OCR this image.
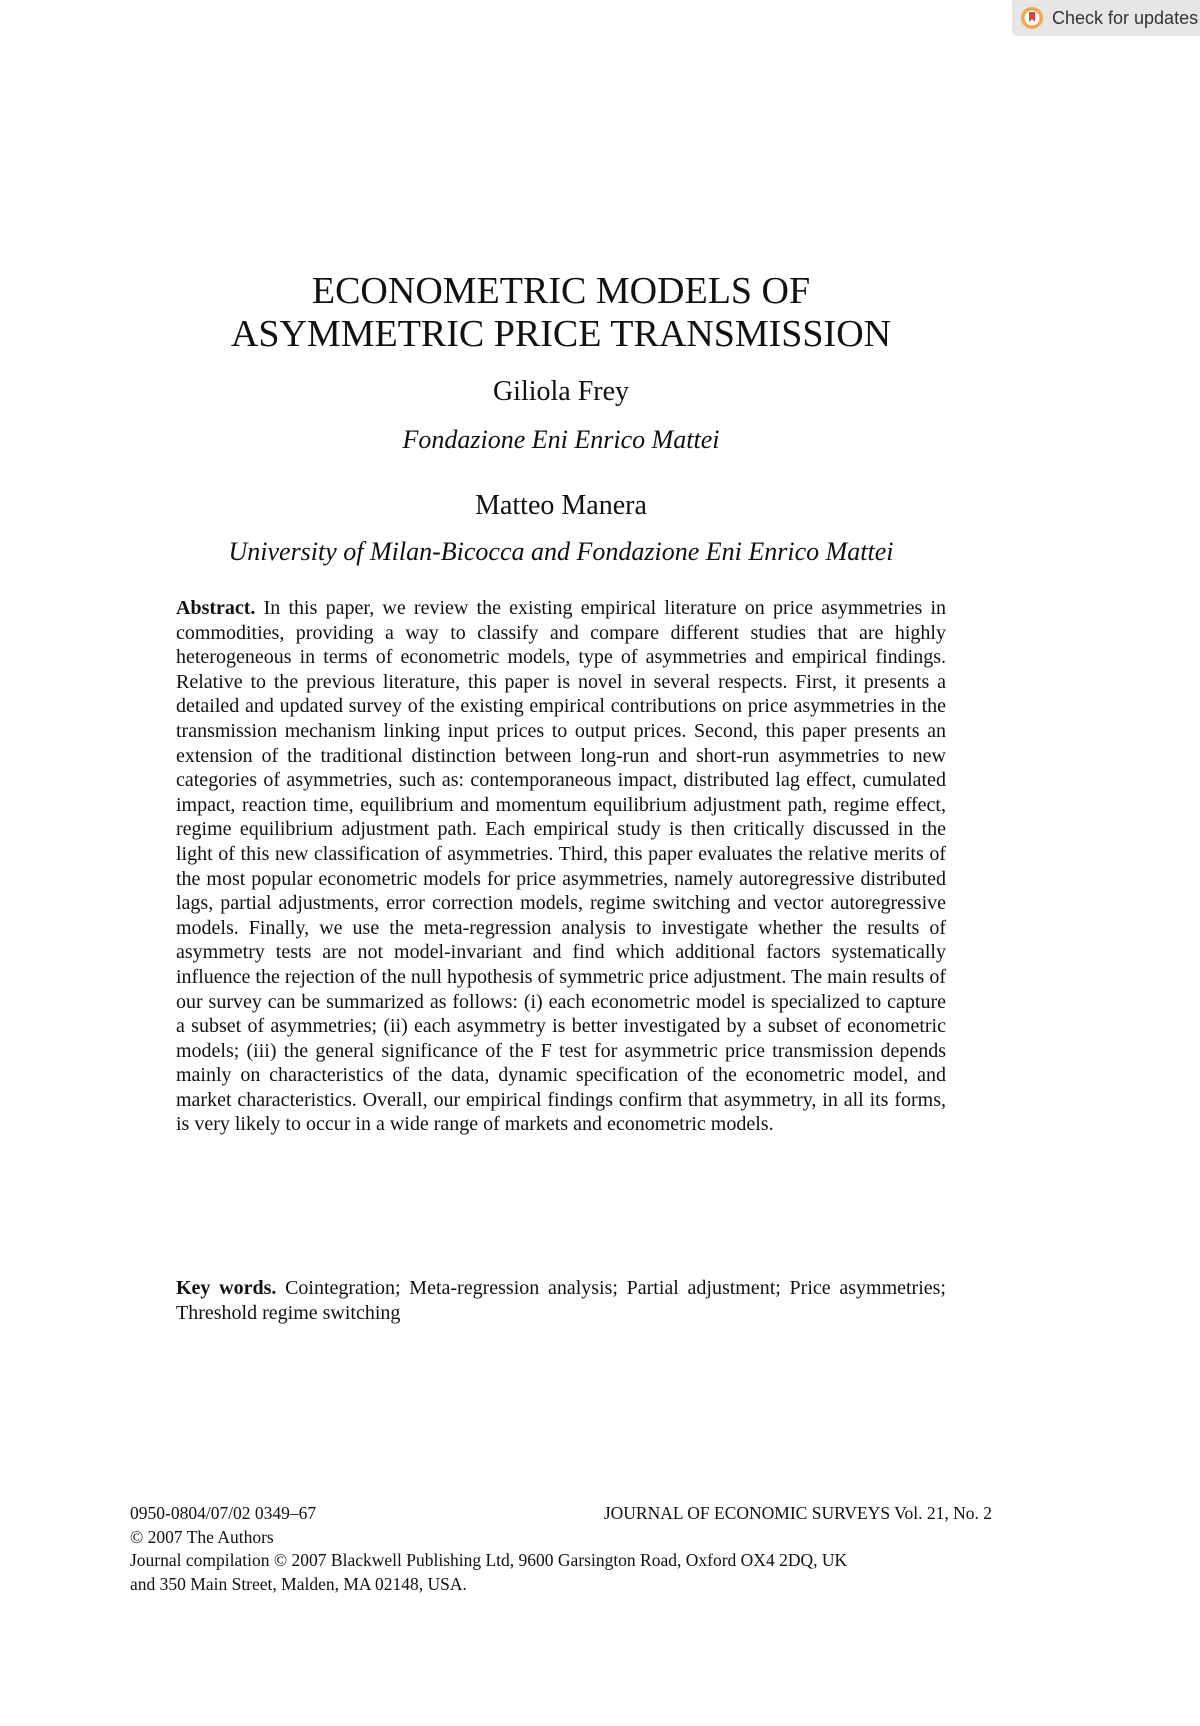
Check for updates
ECONOMETRIC MODELS OF
ASYMMETRIC PRICE TRANSMISSION
Giliola Frey
Fondazione Eni Enrico Mattei
Matteo Manera
University of Milan-Bicocca and Fondazione Eni Enrico Mattei

Abstract. In this paper, we review the existing empirical literature on price asymmetries in commodities, providing a way to classify and compare different studies that are highly heterogeneous in terms of econometric models, type of asymmetries and empirical findings. Relative to the previous literature, this paper is novel in several respects. First, it presents a detailed and updated survey of the existing empirical contributions on price asymmetries in the transmission mechanism linking input prices to output prices. Second, this paper presents an extension of the traditional distinction between long-run and short-run asymmetries to new categories of asymmetries, such as: contemporaneous impact, distributed lag effect, cumulated impact, reaction time, equilibrium and momentum equilibrium adjustment path, regime effect, regime equilibrium adjustment path. Each empirical study is then critically discussed in the light of this new classification of asymmetries. Third, this paper evaluates the relative merits of the most popular econometric models for price asymmetries, namely autoregressive distributed lags, partial adjustments, error correction models, regime switching and vector autoregressive models. Finally, we use the meta-regression analysis to investigate whether the results of asymmetry tests are not model-invariant and find which additional factors systematically influence the rejection of the null hypothesis of symmetric price adjustment. The main results of our survey can be summarized as follows: (i) each econometric model is specialized to capture a subset of asymmetries; (ii) each asymmetry is better investigated by a subset of econometric models; (iii) the general significance of the F test for asymmetric price transmission depends mainly on characteristics of the data, dynamic specification of the econometric model, and market characteristics. Overall, our empirical findings confirm that asymmetry, in all its forms, is very likely to occur in a wide range of markets and econometric models.

Key words. Cointegration; Meta-regression analysis; Partial adjustment; Price asymmetries; Threshold regime switching

0950-0804/07/02 0349–67	JOURNAL OF ECONOMIC SURVEYS Vol. 21, No. 2
© 2007 The Authors
Journal compilation © 2007 Blackwell Publishing Ltd, 9600 Garsington Road, Oxford OX4 2DQ, UK
and 350 Main Street, Malden, MA 02148, USA.
